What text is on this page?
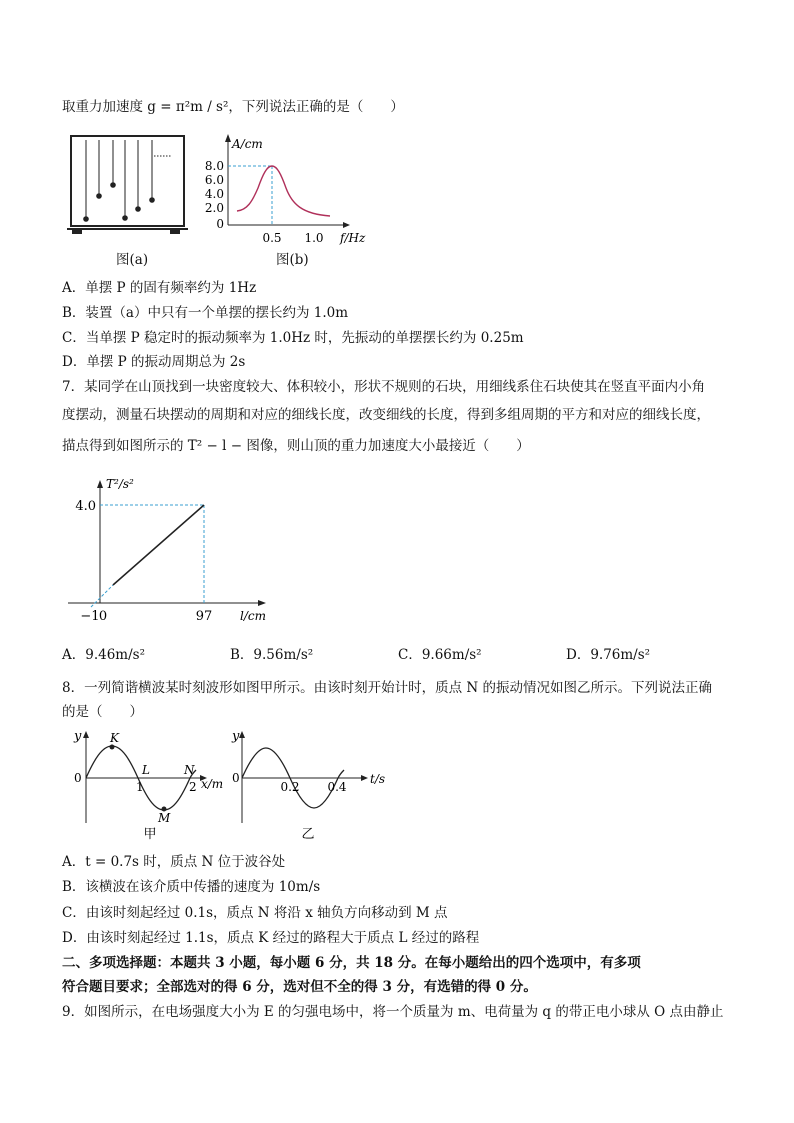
取重力加速度 g = π²m / s²，下列说法正确的是（　　）
图(a)
A/cm
8.0
6.0
4.0
2.0
0
0.5 1.0 f/Hz
图(b)
A．单摆 P 的固有频率约为 1Hz
B．装置（a）中只有一个单摆的摆长约为 1.0m
C．当单摆 P 稳定时的振动频率为 1.0Hz 时，先振动的单摆摆长约为 0.25m
D．单摆 P 的振动周期总为 2s
7．某同学在山顶找到一块密度较大、体积较小，形状不规则的石块，用细线系住石块使其在竖直平面内小角
度摆动，测量石块摆动的周期和对应的细线长度，改变细线的长度，得到多组周期的平方和对应的细线长度，
描点得到如图所示的 T² − l − 图像，则山顶的重力加速度大小最接近（　　）
T²/s²
4.0
−1 0	97 l/cm
A．9.46m/s²	B．9.56m/s²	C．9.66m/s²	D．9.76m/s²
8．一列简谐横波某时刻波形如图甲所示。由该时刻开始计时，质点 N 的振动情况如图乙所示。下列说法正确
的是（　　）
y
0
K
L	N
M
1	2 x/m
甲
y
0
0.2 0.4
t/s
乙
A．t = 0.7s 时，质点 N 位于波谷处
B．该横波在该介质中传播的速度为 10m/s
C．由该时刻起经过 0.1s，质点 N 将沿 x 轴负方向移动到 M 点
D．由该时刻起经过 1.1s，质点 K 经过的路程大于质点 L 经过的路程
二、多项选择题：本题共 3 小题，每小题 6 分，共 18 分。在每小题给出的四个选项中，有多项
符合题目要求；全部选对的得 6 分，选对但不全的得 3 分，有选错的得 0 分。
9．如图所示，在电场强度大小为 E 的匀强电场中，将一个质量为 m、电荷量为 q 的带正电小球从 O 点由静止
